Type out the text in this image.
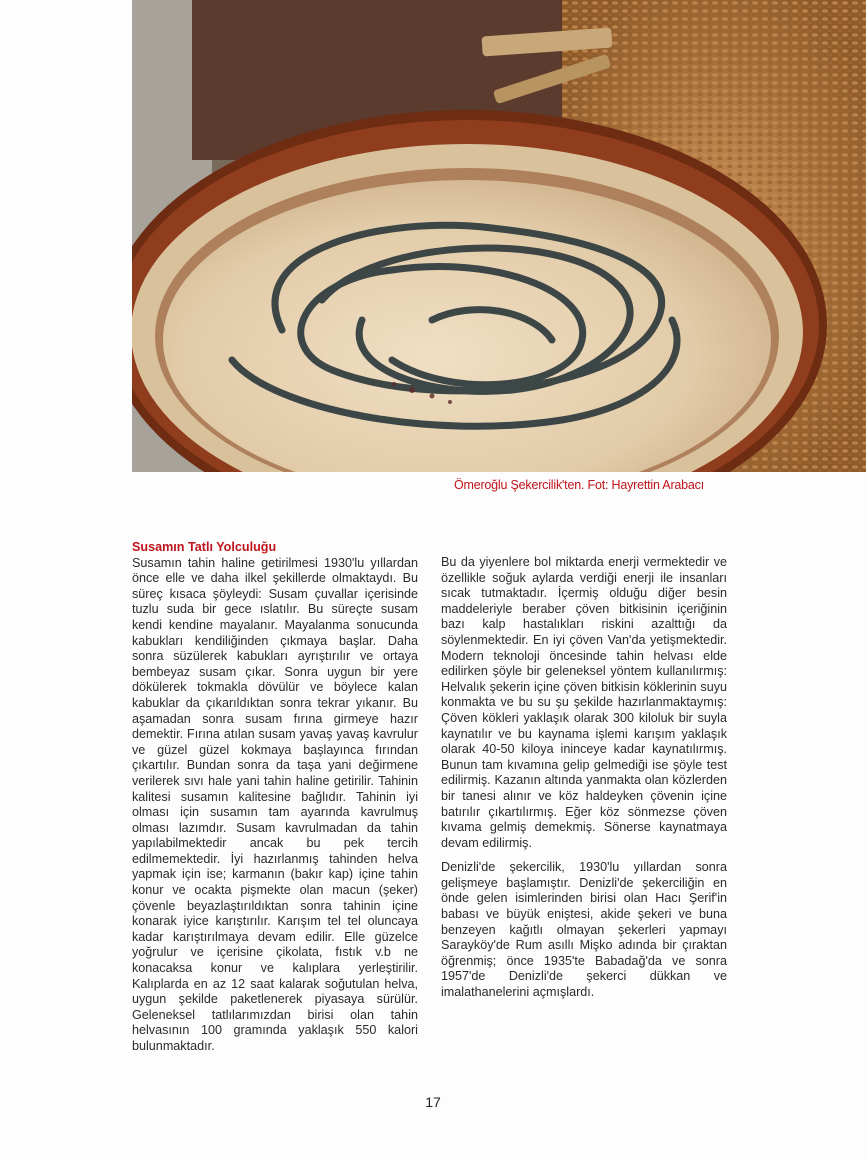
Ömeroğlu Şekercilik'ten. Fot: Hayrettin Arabacı
Susamın Tatlı Yolculuğu

Susamın tahin haline getirilmesi 1930'lu yıllardan önce elle ve daha ilkel şekillerde olmaktaydı. Bu süreç kısaca şöyleydi: Susam çuvallar içerisinde tuzlu suda bir gece ıslatılır. Bu süreçte susam kendi kendine mayalanır. Mayalanma sonucunda kabukları kendiliğinden çıkmaya başlar. Daha sonra süzülerek kabukları ayrıştırılır ve ortaya bembeyaz susam çıkar. Sonra uygun bir yere dökülerek tokmakla dövülür ve böylece kalan kabuklar da çıkarıldıktan sonra tekrar yıkanır. Bu aşamadan sonra susam fırına girmeye hazır demektir. Fırına atılan susam yavaş yavaş kavrulur ve güzel güzel kokmaya başlayınca fırından çıkartılır. Bundan sonra da taşa yani değirmene verilerek sıvı hale yani tahin haline getirilir. Tahinin kalitesi susamın kalitesine bağlıdır. Tahinin iyi olması için susamın tam ayarında kavrulmuş olması lazımdır. Susam kavrulmadan da tahin yapılabilmektedir ancak bu pek tercih edilmemektedir. İyi hazırlanmış tahinden helva yapmak için ise; karmanın (bakır kap) içine tahin konur ve ocakta pişmekte olan macun (şeker) çövenle beyazlaştırıldıktan sonra tahinin içine konarak iyice karıştırılır. Karışım tel tel oluncaya kadar karıştırılmaya devam edilir. Elle güzelce yoğrulur ve içerisine çikolata, fıstık v.b ne konacaksa konur ve kalıplara yerleştirilir. Kalıplarda en az 12 saat kalarak soğutulan helva, uygun şekilde paketlenerek piyasaya sürülür. Geleneksel tatlılarımızdan birisi olan tahin helvasının 100 gramında yaklaşık 550 kalori bulunmaktadır.

Bu da yiyenlere bol miktarda enerji vermektedir ve özellikle soğuk aylarda verdiği enerji ile insanları sıcak tutmaktadır. İçermiş olduğu diğer besin maddeleriyle beraber çöven bitkisinin içeriğinin bazı kalp hastalıkları riskini azalttığı da söylenmektedir. En iyi çöven Van'da yetişmektedir. Modern teknoloji öncesinde tahin helvası elde edilirken şöyle bir geleneksel yöntem kullanılırmış: Helvalık şekerin içine çöven bitkisin köklerinin suyu konmakta ve bu su şu şekilde hazırlanmaktaymış: Çöven kökleri yaklaşık olarak 300 kiloluk bir suyla kaynatılır ve bu kaynama işlemi karışım yaklaşık olarak 40-50 kiloya ininceye kadar kaynatılırmış. Bunun tam kıvamına gelip gelmediği ise şöyle test edilirmiş. Kazanın altında yanmakta olan közlerden bir tanesi alınır ve köz haldeyken çövenin içine batırılır çıkartılırmış. Eğer köz sönmezse çöven kıvama gelmiş demekmiş. Sönerse kaynatmaya devam edilirmiş.

Denizli'de şekercilik, 1930'lu yıllardan sonra gelişmeye başlamıştır. Denizli'de şekerciliğin en önde gelen isimlerinden birisi olan Hacı Şerif'in babası ve büyük eniştesi, akide şekeri ve buna benzeyen kağıtlı olmayan şekerleri yapmayı Sarayköy'de Rum asıllı Mişko adında bir çıraktan öğrenmiş; önce 1935'te Babadağ'da ve sonra 1957'de Denizli'de şekerci dükkan ve imalathanelerini açmışlardı.

17
